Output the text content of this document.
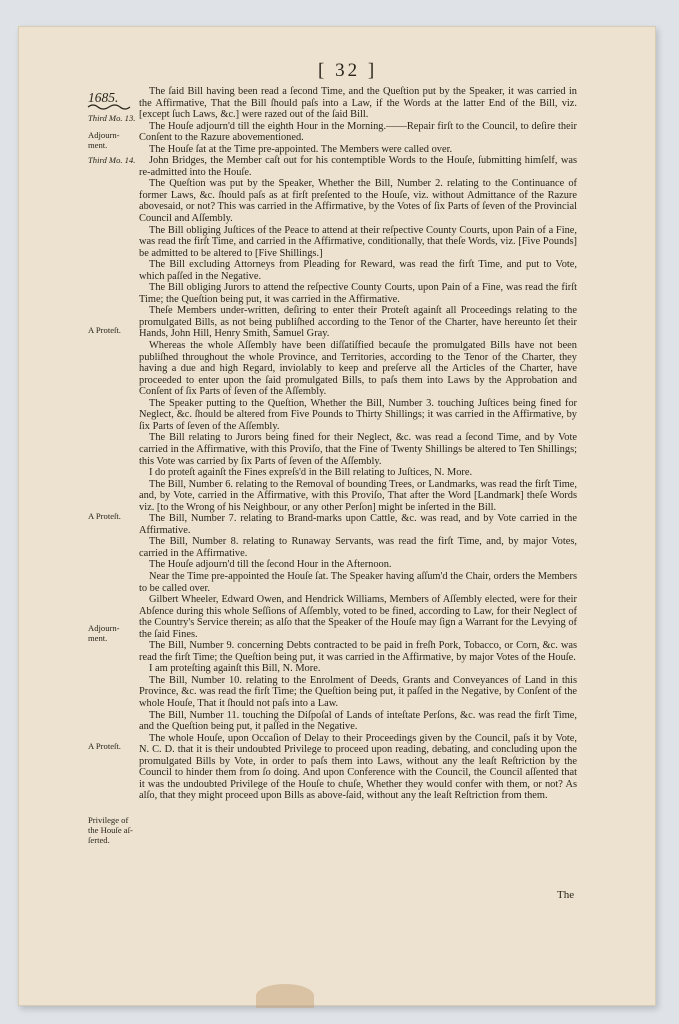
[ 32 ]
1685.
Third Mo. 13.
Adjourn-
ment.
Third Mo. 14.
A Proteſt.
A Proteſt.
Adjourn-
ment.
A Proteſt.
Privilege of
the Houſe aſ-
ſerted.

The ſaid Bill having been read a ſecond Time, and the Queſtion put by the Speaker, it was carried in the Affirmative, That the Bill ſhould paſs into a Law, if the Words at the latter End of the Bill, viz. [except ſuch Laws, &c.] were razed out of the ſaid Bill.

The Houſe adjourn'd till the eighth Hour in the Morning.——Repair firſt to the Council, to deſire their Conſent to the Razure abovementioned.

The Houſe ſat at the Time pre-appointed. The Members were called over.

John Bridges, the Member caſt out for his contemptible Words to the Houſe, ſubmitting himſelf, was re-admitted into the Houſe.

The Queſtion was put by the Speaker, Whether the Bill, Number 2. relating to the Continuance of former Laws, &c. ſhould paſs as at firſt preſented to the Houſe, viz. without Admittance of the Razure abovesaid, or not? This was carried in the Affirmative, by the Votes of ſix Parts of ſeven of the Provincial Council and Aſſembly.

The Bill obliging Juſtices of the Peace to attend at their reſpective County Courts, upon Pain of a Fine, was read the firſt Time, and carried in the Affirmative, conditionally, that theſe Words, viz. [Five Pounds] be admitted to be altered to [Five Shillings.]

The Bill excluding Attorneys from Pleading for Reward, was read the firſt Time, and put to Vote, which paſſed in the Negative.

The Bill obliging Jurors to attend the reſpective County Courts, upon Pain of a Fine, was read the firſt Time; the Queſtion being put, it was carried in the Affirmative.

Theſe Members under-written, deſiring to enter their Proteſt againſt all Proceedings relating to the promulgated Bills, as not being publiſhed according to the Tenor of the Charter, have hereunto ſet their Hands, John Hill, Henry Smith, Samuel Gray.

Whereas the whole Aſſembly have been diſſatiſfied becauſe the promulgated Bills have not been publiſhed throughout the whole Province, and Territories, according to the Tenor of the Charter, they having a due and high Regard, inviolably to keep and preſerve all the Articles of the Charter, have proceeded to enter upon the ſaid promulgated Bills, to paſs them into Laws by the Approbation and Conſent of ſix Parts of ſeven of the Aſſembly.

The Speaker putting to the Queſtion, Whether the Bill, Number 3. touching Juſtices being fined for Neglect, &c. ſhould be altered from Five Pounds to Thirty Shillings; it was carried in the Affirmative, by ſix Parts of ſeven of the Aſſembly.

The Bill relating to Jurors being fined for their Neglect, &c. was read a ſecond Time, and by Vote carried in the Affirmative, with this Proviſo, that the Fine of Twenty Shillings be altered to Ten Shillings; this Vote was carried by ſix Parts of ſeven of the Aſſembly.

I do proteſt againſt the Fines expreſs'd in the Bill relating to Juſtices, N. More.

The Bill, Number 6. relating to the Removal of bounding Trees, or Landmarks, was read the firſt Time, and, by Vote, carried in the Affirmative, with this Proviſo, That after the Word [Landmark] theſe Words viz. [to the Wrong of his Neighbour, or any other Perſon] might be inſerted in the Bill.

The Bill, Number 7. relating to Brand-marks upon Cattle, &c. was read, and by Vote carried in the Affirmative.

The Bill, Number 8. relating to Runaway Servants, was read the firſt Time, and, by major Votes, carried in the Affirmative.

The Houſe adjourn'd till the ſecond Hour in the Afternoon.

Near the Time pre-appointed the Houſe ſat. The Speaker having aſſum'd the Chair, orders the Members to be called over.

Gilbert Wheeler, Edward Owen, and Hendrick Williams, Members of Aſſembly elected, were for their Abſence during this whole Seſſions of Aſſembly, voted to be fined, according to Law, for their Neglect of the Country's Service therein; as alſo that the Speaker of the Houſe may ſign a Warrant for the Levying of the ſaid Fines.

The Bill, Number 9. concerning Debts contracted to be paid in freſh Pork, Tobacco, or Corn, &c. was read the firſt Time; the Queſtion being put, it was carried in the Affirmative, by major Votes of the Houſe.

I am proteſting againſt this Bill, N. More.

The Bill, Number 10. relating to the Enrolment of Deeds, Grants and Conveyances of Land in this Province, &c. was read the firſt Time; the Queſtion being put, it paſſed in the Negative, by Conſent of the whole Houſe, That it ſhould not paſs into a Law.

The Bill, Number 11. touching the Diſpoſal of Lands of inteſtate Perſons, &c. was read the firſt Time, and the Queſtion being put, it paſſed in the Negative.

The whole Houſe, upon Occaſion of Delay to their Proceedings given by the Council, paſs it by Vote, N. C. D. that it is their undoubted Privilege to proceed upon reading, debating, and concluding upon the promulgated Bills by Vote, in order to paſs them into Laws, without any the leaſt Reſtriction by the Council to hinder them from ſo doing. And upon Conference with the Council, the Council aſſented that it was the undoubted Privilege of the Houſe to chuſe, Whether they would confer with them, or not? As alſo, that they might proceed upon Bills as above-ſaid, without any the leaſt Reſtriction from them.

The
